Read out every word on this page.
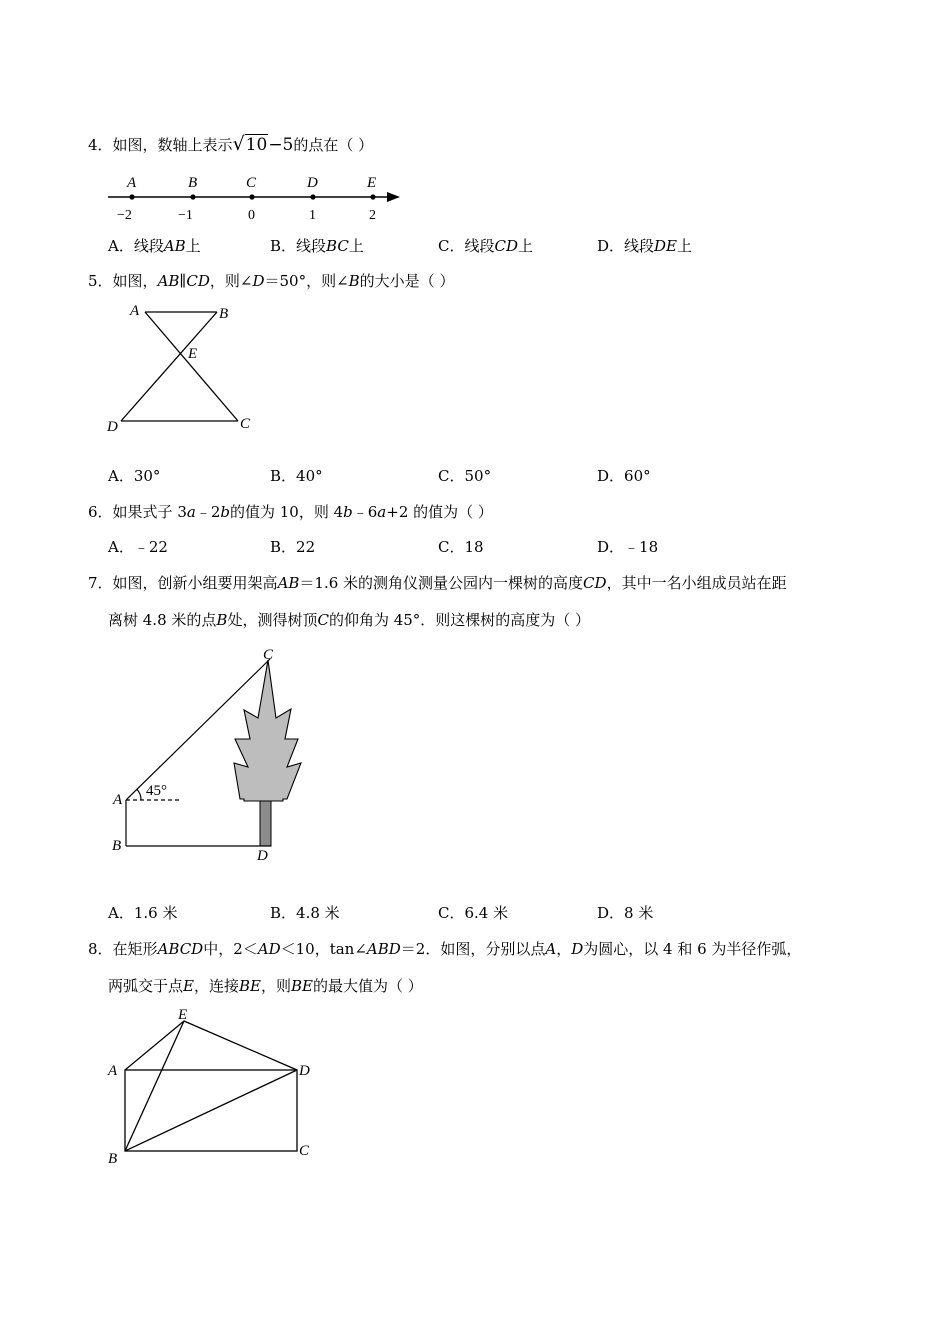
4．如图，数轴上表示√10−5的点在（ ）
A	B	C	D	E
−2	−1	0	1	2
A．线段AB上	B．线段BC上	C．线段CD上	D．线段DE上
5．如图，AB∥CD，则∠D＝50°，则∠B的大小是（ ）
A	B
E
D	C
A．30°	B．40°	C．50°	D．60°
6．如果式子 3a﹣2b的值为 10，则 4b﹣6a+2 的值为（ ）
A．﹣22	B．22	C．18	D．﹣18
7．如图，创新小组要用架高AB＝1.6 米的测角仪测量公园内一棵树的高度CD，其中一名小组成员站在距
离树 4.8 米的点B处，测得树顶C的仰角为 45°．则这棵树的高度为（ ）
C
A
B
D
45°
A．1.6 米	B．4.8 米	C．6.4 米	D．8 米
8．在矩形ABCD中，2＜AD＜10，tan∠ABD＝2．如图，分别以点A，D为圆心，以 4 和 6 为半径作弧，
两弧交于点E，连接BE，则BE的最大值为（ ）
E
A	D
B	C
